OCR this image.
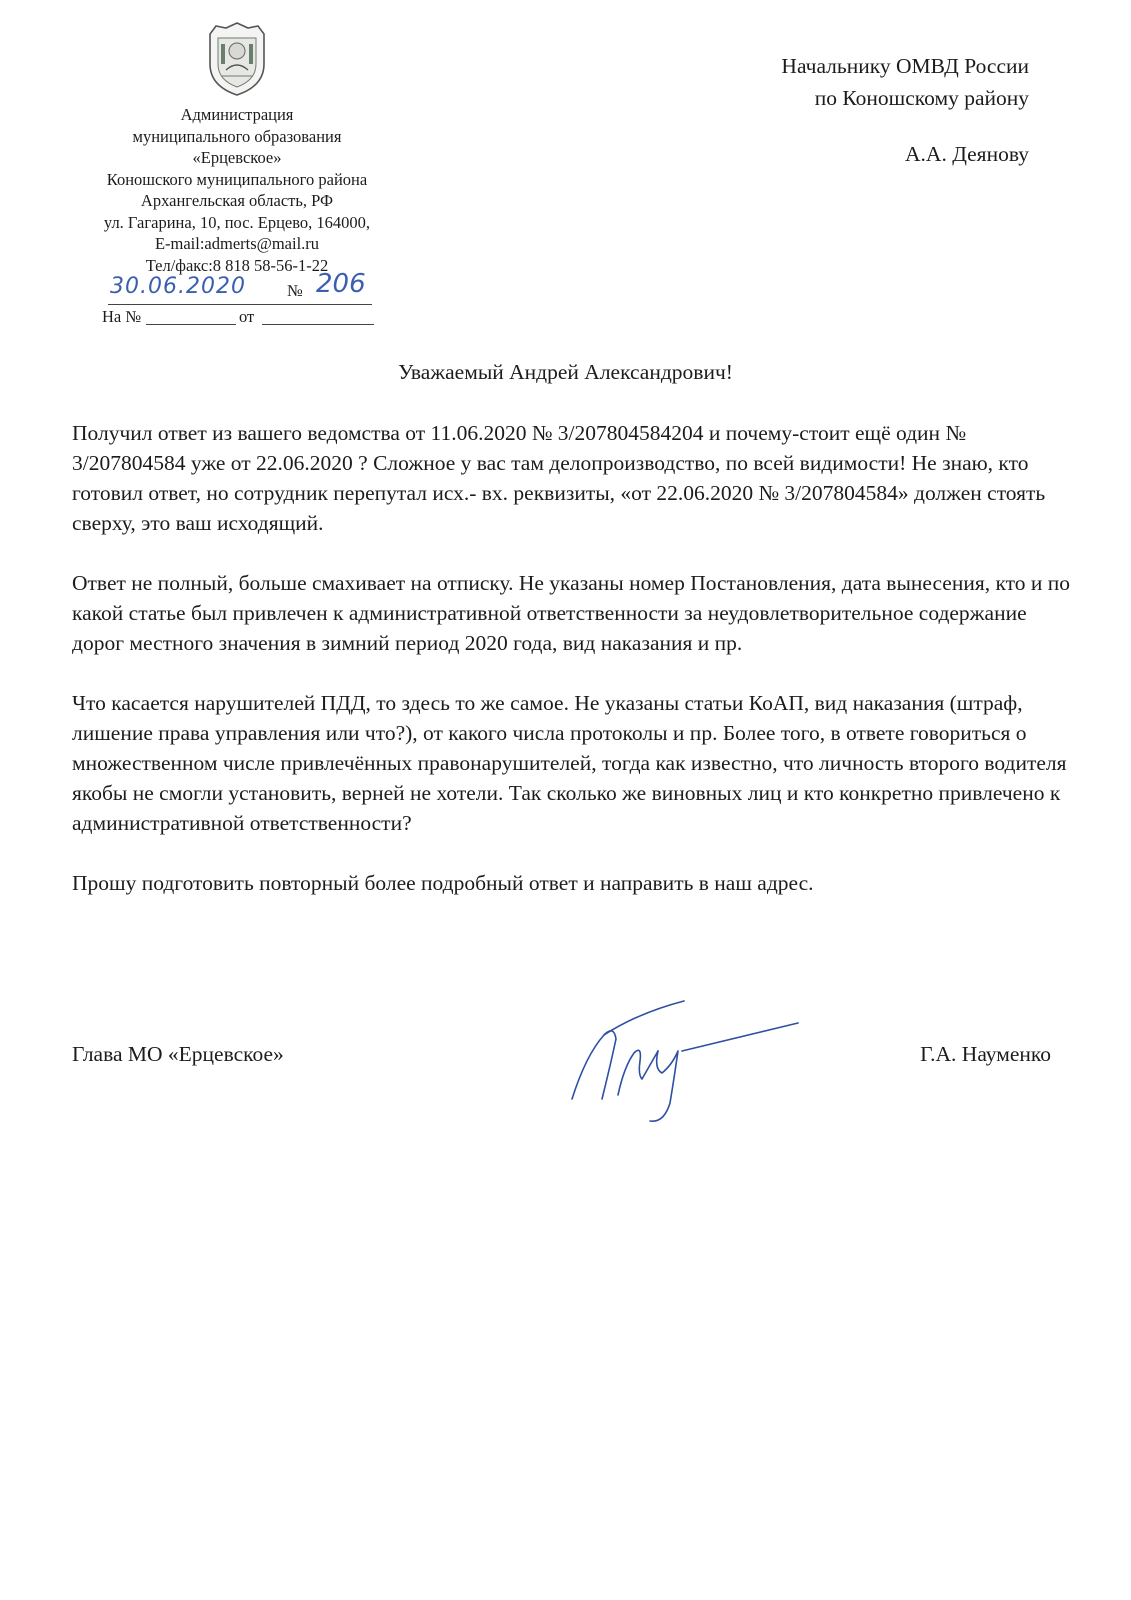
Администрация
муниципального образования
«Ерцевское»
Коношского муниципального района
Архангельская область, РФ
ул. Гагарина, 10, пос. Ерцево, 164000,
E-mail:admerts@mail.ru
Тел/факс:8 818 58-56-1-22
30.06.2020 № 206
На №	от
Начальнику ОМВД России
по Коношскому району
А.А. Деянову
Уважаемый Андрей Александрович!

Получил ответ из вашего ведомства от 11.06.2020 № 3/207804584204 и почему-стоит ещё один № 3/207804584 уже от 22.06.2020 ? Сложное у вас там делопроизводство, по всей видимости! Не знаю, кто готовил ответ, но сотрудник перепутал исх.- вх. реквизиты, «от 22.06.2020 № 3/207804584» должен стоять сверху, это ваш исходящий.

Ответ не полный, больше смахивает на отписку. Не указаны номер Постановления, дата вынесения, кто и по какой статье был привлечен к административной ответственности за неудовлетворительное содержание дорог местного значения в зимний период 2020 года, вид наказания и пр.

Что касается нарушителей ПДД, то здесь то же самое. Не указаны статьи КоАП, вид наказания (штраф, лишение права управления или что?), от какого числа протоколы и пр. Более того, в ответе говориться о множественном числе привлечённых правонарушителей, тогда как известно, что личность второго водителя якобы не смогли установить, верней не хотели. Так сколько же виновных лиц и кто конкретно привлечено к административной ответственности?

Прошу подготовить повторный более подробный ответ и направить в наш адрес.

Глава МО «Ерцевское»	Г.А. Науменко
